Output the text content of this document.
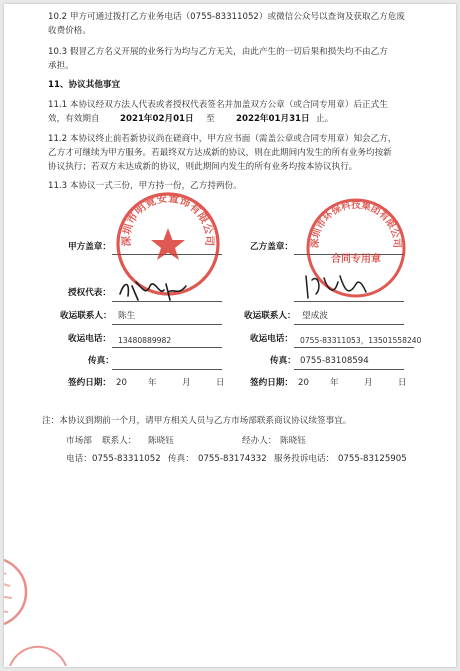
10.2 甲方可通过拨打乙方业务电话（0755-83311052）或微信公众号以查询及获取乙方危废
收费价格。
10.3 假冒乙方名义开展的业务行为均与乙方无关，由此产生的一切后果和损失均不由乙方
承担。
11、协议其他事宜
11.1 本协议经双方法人代表或者授权代表签名并加盖双方公章（或合同专用章）后正式生
效，有效期自 2021年02月01日 至 2022年01月31日 止。
11.2 本协议终止前若新协议尚在磋商中，甲方应书面（需盖公章或合同专用章）知会乙方，
乙方才可继续为甲方服务。若最终双方达成新的协议，则在此期间内发生的所有业务均按新
协议执行；若双方未达成新的协议，则此期间内发生的所有业务均按本协议执行。
11.3 本协议一式三份，甲方持一份，乙方持两份。
甲方盖章：	乙方盖章：
授权代表：
收运联系人： 陈生	收运联系人： 望成波
收运电话： 13480889982	收运电话： 0755-83311053，13501558240
传真：	传真： 0755-83108594
签约日期： 20 年	月	日	签约日期： 20 年	月	日
深圳市明竟安置饰有限公司	深圳市环保科技集团有限公司
合同专用章
注：本协议到期前一个月，请甲方相关人员与乙方市场部联系商议协议续签事宜。
市场部 联系人： 陈晓钰	经办人： 陈晓钰
电话： 0755-83311052 传真： 0755-83174332 服务投诉电话： 0755-83125905
